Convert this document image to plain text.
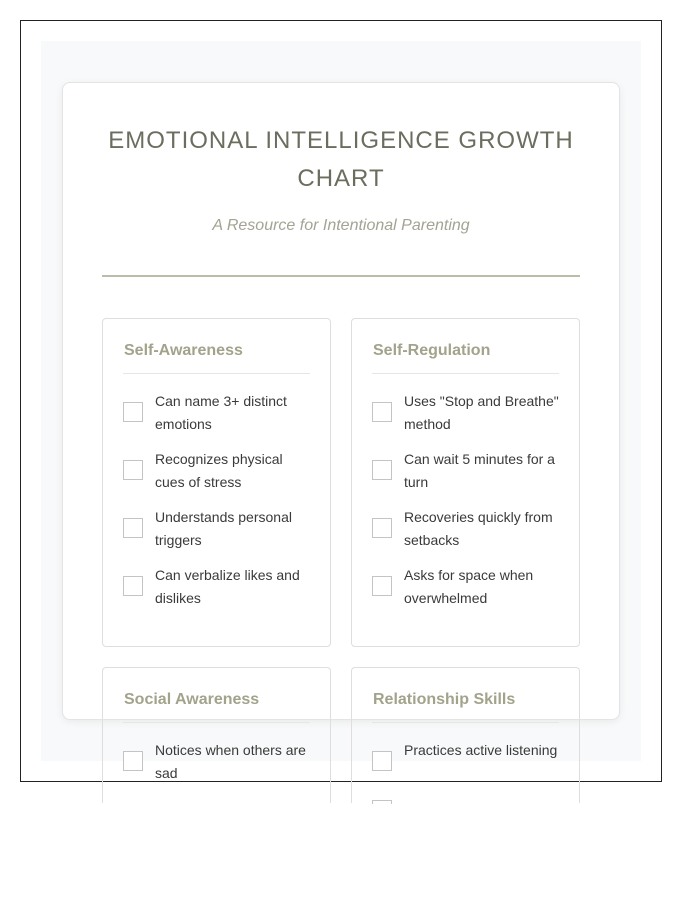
EMOTIONAL INTELLIGENCE GROWTH CHART
A Resource for Intentional Parenting
Self-Awareness
Can name 3+ distinct emotions
Recognizes physical cues of stress
Understands personal triggers
Can verbalize likes and dislikes
Self-Regulation
Uses "Stop and Breathe" method
Can wait 5 minutes for a turn
Recoveries quickly from setbacks
Asks for space when overwhelmed
Social Awareness
Notices when others are sad
Relationship Skills
Practices active listening
